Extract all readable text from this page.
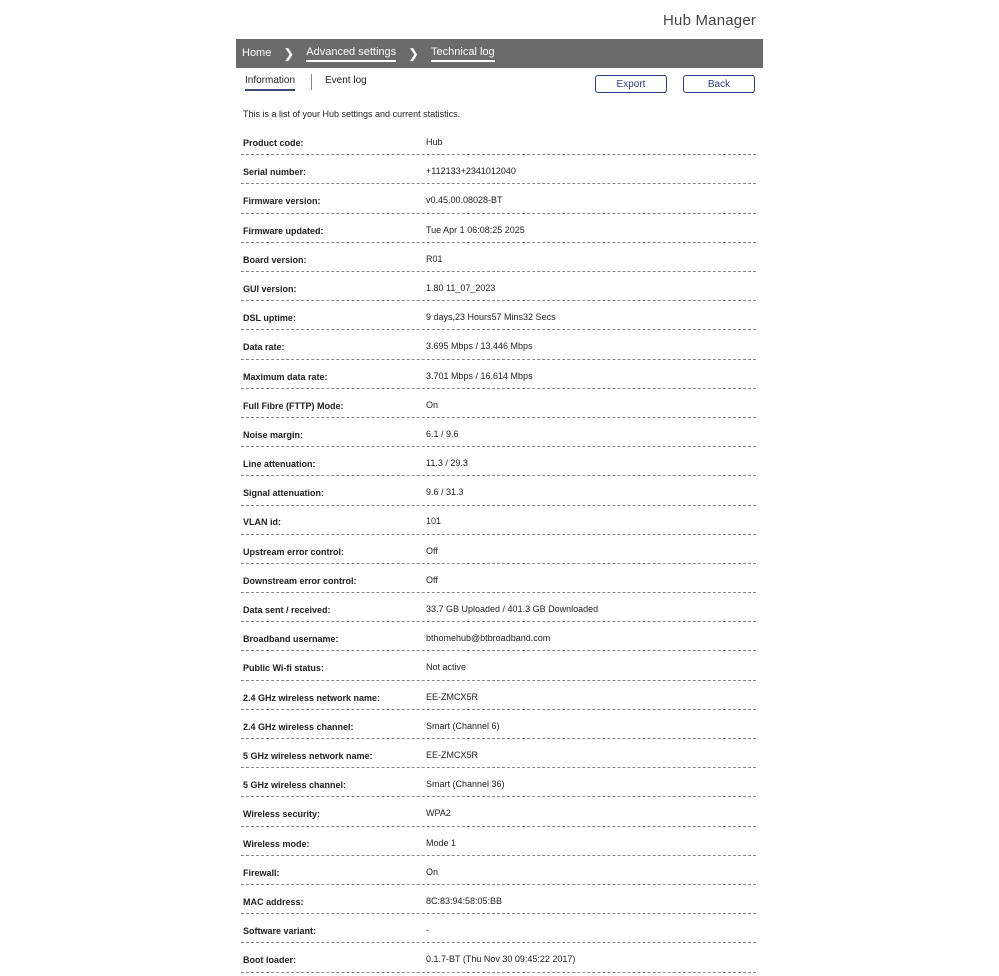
Hub Manager
Home ❯ Advanced settings ❯ Technical log
Information	Event log	Export	Back
This is a list of your Hub settings and current statistics.
Product code:	Hub
Serial number:	+112133+2341012040
Firmware version:	v0.45.00.08028-BT
Firmware updated:	Tue Apr 1 06:08:25 2025
Board version:	R01
GUI version:	1.80 11_07_2023
DSL uptime:	9 days,23 Hours57 Mins32 Secs
Data rate:	3.695 Mbps / 13.446 Mbps
Maximum data rate:	3.701 Mbps / 16.614 Mbps
Full Fibre (FTTP) Mode:	On
Noise margin:	6.1 / 9.6
Line attenuation:	11.3 / 29.3
Signal attenuation:	9.6 / 31.3
VLAN id:	101
Upstream error control:	Off
Downstream error control:	Off
Data sent / received:	33.7 GB Uploaded / 401.3 GB Downloaded
Broadband username:	bthomehub@btbroadband.com
Public Wi-fi status:	Not active
2.4 GHz wireless network name:	EE-ZMCX5R
2.4 GHz wireless channel:	Smart (Channel 6)
5 GHz wireless network name:	EE-ZMCX5R
5 GHz wireless channel:	Smart (Channel 36)
Wireless security:	WPA2
Wireless mode:	Mode 1
Firewall:	On
MAC address:	8C:83:94:58:05:BB
Software variant:	-
Boot loader:	0.1.7-BT (Thu Nov 30 09:45:22 2017)
